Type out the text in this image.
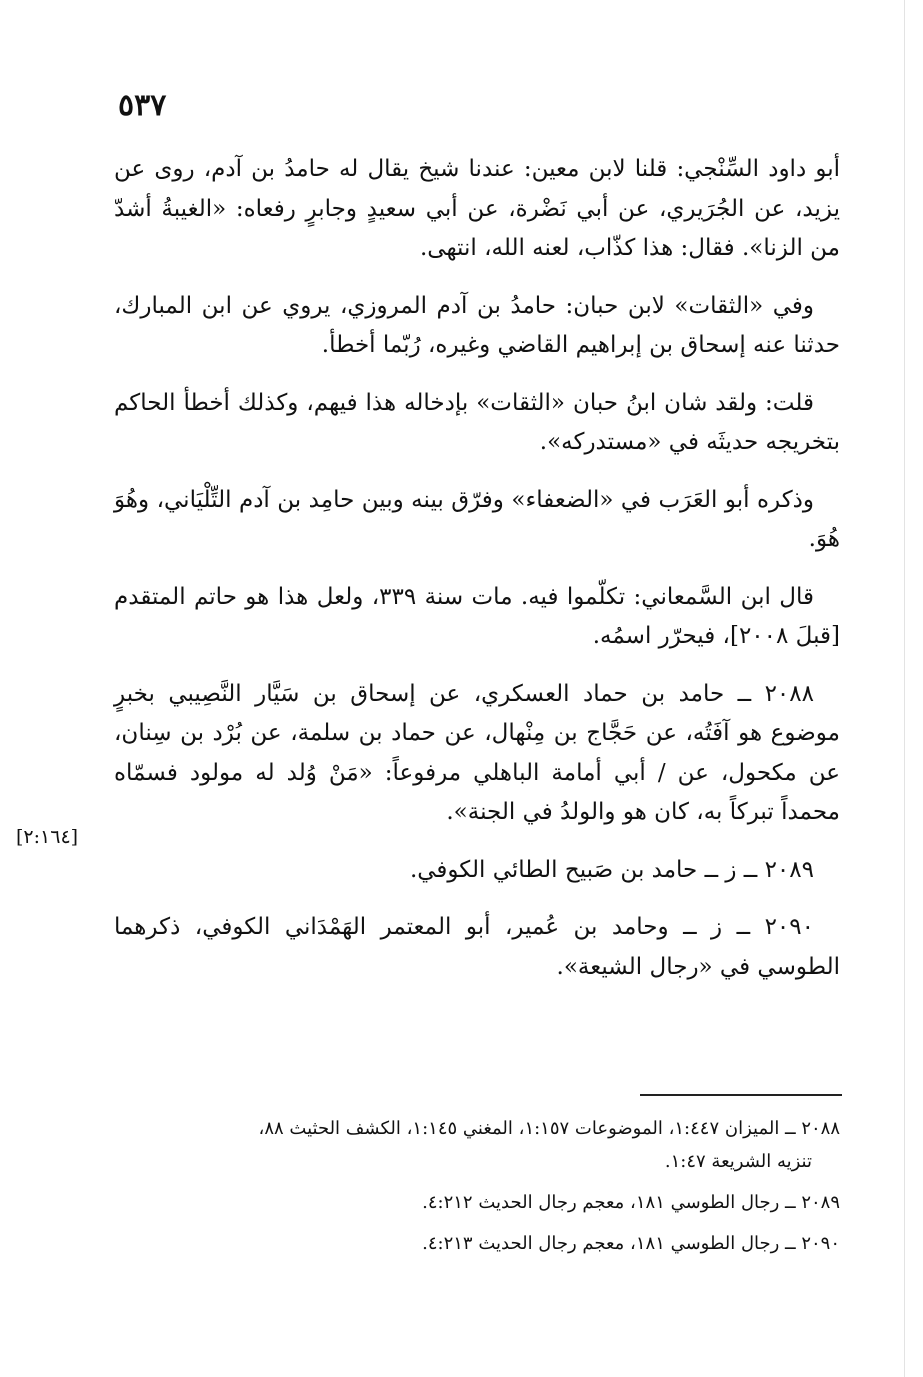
٥٣٧

أبو داود السِّنْجي: قلنا لابن معين: عندنا شيخ يقال له حامدُ بن آدم، روى عن يزيد، عن الجُرَيري، عن أبي نَضْرة، عن أبي سعيدٍ وجابرٍ رفعاه: «الغيبةُ أشدّ من الزنا». فقال: هذا كذّاب، لعنه الله، انتهى.

وفي «الثقات» لابن حبان: حامدُ بن آدم المروزي، يروي عن ابن المبارك، حدثنا عنه إسحاق بن إبراهيم القاضي وغيره، رُبّما أخطأ.

قلت: ولقد شان ابنُ حبان «الثقات» بإدخاله هذا فيهم، وكذلك أخطأ الحاكم بتخريجه حديثَه في «مستدركه».

وذكره أبو العَرَب في «الضعفاء» وفرّق بينه وبين حامِد بن آدم التِّلْيَاني، وهُوَ هُوَ.

قال ابن السَّمعاني: تكلّموا فيه. مات سنة ٣٣٩، ولعل هذا هو حاتم المتقدم [قبلَ ٢٠٠٨]، فيحرّر اسمُه.

٢٠٨٨ ــ حامد بن حماد العسكري، عن إسحاق بن سَيَّار النَّصِيبي بخبرٍ موضوع هو آفَتُه، عن حَجَّاج بن مِنْهال، عن حماد بن سلمة، عن بُرْد بن سِنان، عن مكحول، عن / أبي أمامة الباهلي مرفوعاً: «مَنْ وُلد له مولود فسمّاه محمداً تبركاً به، كان هو والولدُ في الجنة».

٢٠٨٩ ــ ز ــ حامد بن صَبيح الطائي الكوفي.

٢٠٩٠ ــ ز ــ وحامد بن عُمير، أبو المعتمر الهَمْدَاني الكوفي، ذكرهما الطوسي في «رجال الشيعة».

[٢:١٦٤]

٢٠٨٨ ــ الميزان ١:٤٤٧، الموضوعات ١:١٥٧، المغني ١:١٤٥، الكشف الحثيث ٨٨،
تنزيه الشريعة ١:٤٧.

٢٠٨٩ ــ رجال الطوسي ١٨١، معجم رجال الحديث ٤:٢١٢.

٢٠٩٠ ــ رجال الطوسي ١٨١، معجم رجال الحديث ٤:٢١٣.
